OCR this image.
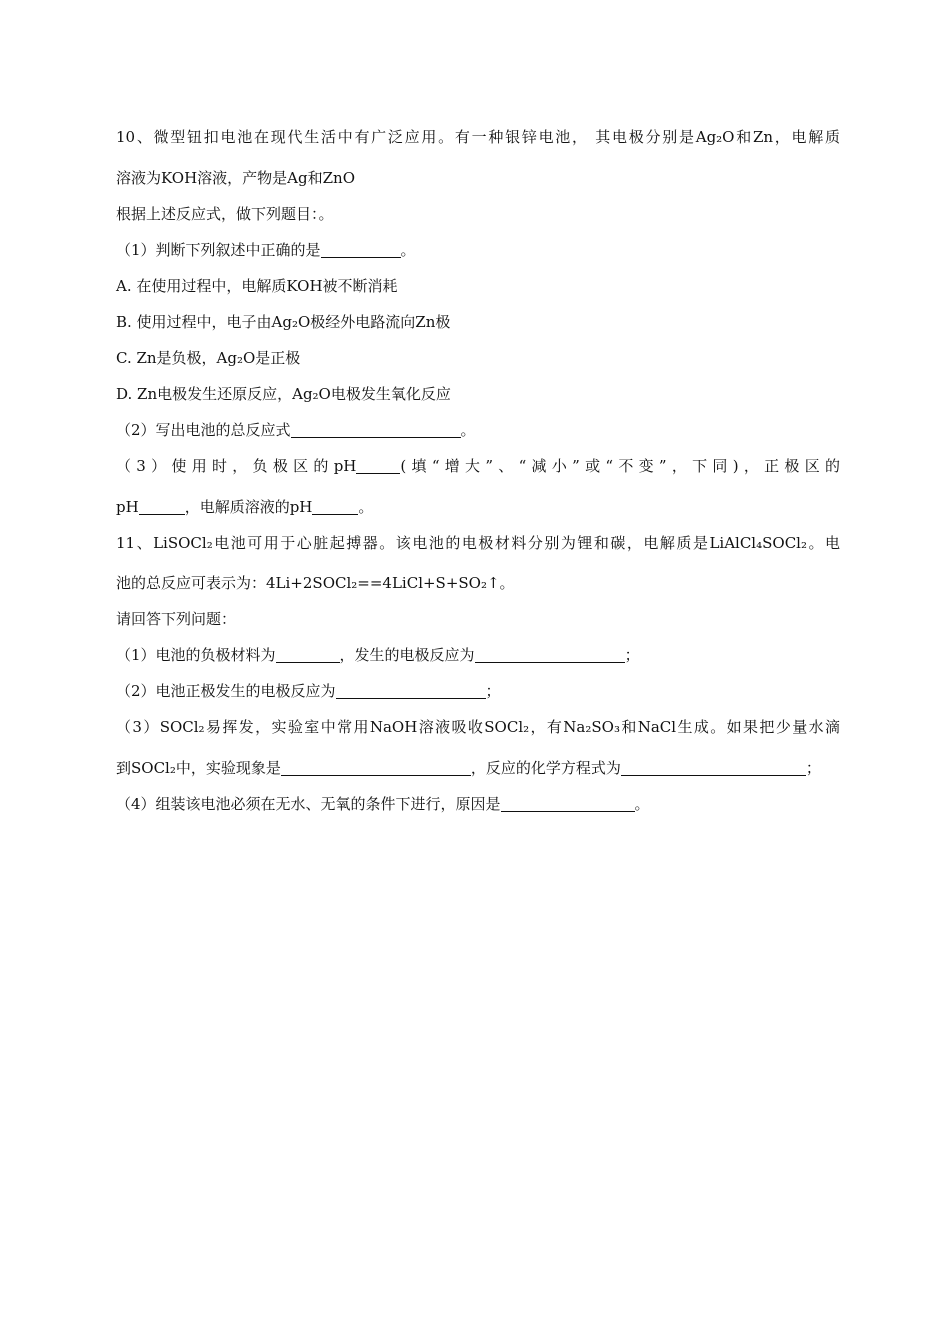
10、微型钮扣电池在现代生活中有广泛应用。有一种银锌电池， 其电极分别是Ag₂O和Zn，电解质
溶液为KOH溶液，产物是Ag和ZnO
根据上述反应式，做下列题目：。
（1）判断下列叙述中正确的是	。
A. 在使用过程中，电解质KOH被不断消耗
B. 使用过程中，电子由Ag₂O极经外电路流向Zn极
C. Zn是负极，Ag₂O是正极
D. Zn电极发生还原反应，Ag₂O电极发生氧化反应
（2）写出电池的总反应式	。
（3）使用时，负极区的pH	(填“增大”、“减小”或“不变”，下同)，正极区的
pH	，电解质溶液的pH	。
11、LiSOCl₂电池可用于心脏起搏器。该电池的电极材料分别为锂和碳，电解质是LiAlCl₄SOCl₂。电
池的总反应可表示为：4Li+2SOCl₂==4LiCl+S+SO₂↑。
请回答下列问题：
（1）电池的负极材料为	，发生的电极反应为	；
（2）电池正极发生的电极反应为	；
（3）SOCl₂易挥发，实验室中常用NaOH溶液吸收SOCl₂，有Na₂SO₃和NaCl生成。如果把少量水滴
到SOCl₂中，实验现象是	，反应的化学方程式为	；
（4）组装该电池必须在无水、无氧的条件下进行，原因是	。
